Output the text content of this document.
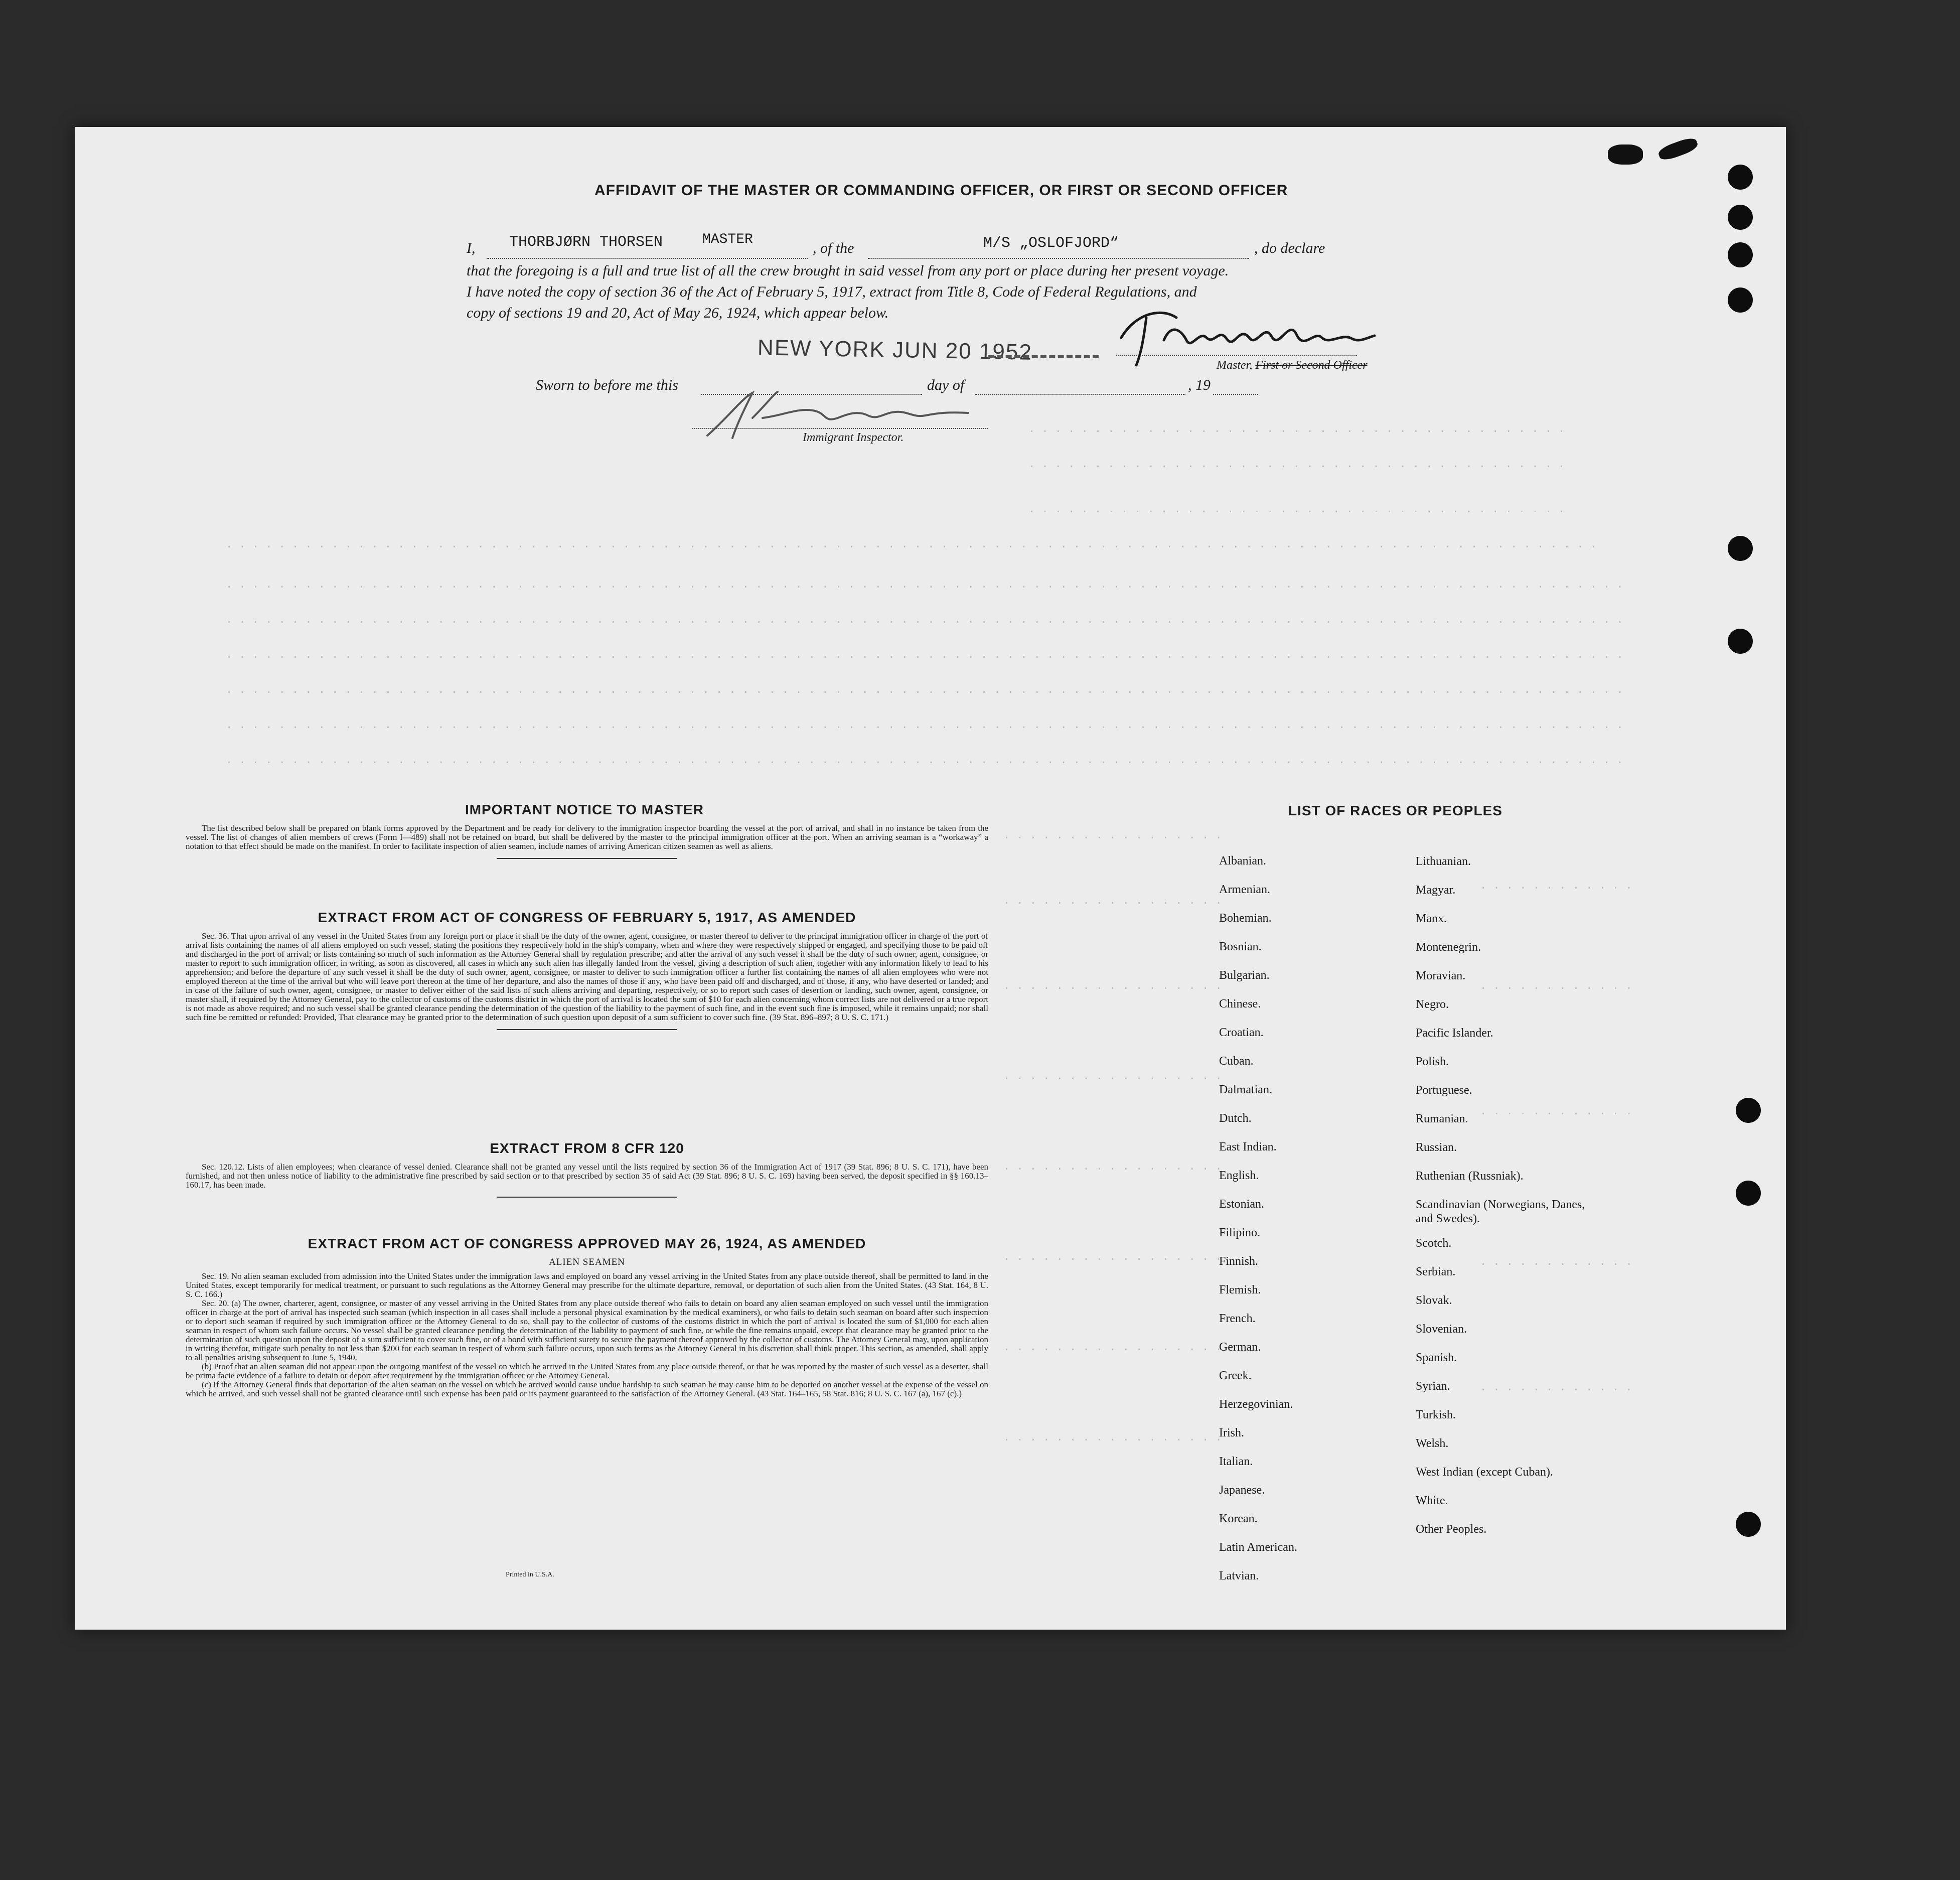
. . . . . . . . . . . . . . . . . . . . . . . . . . . . . . . . . . . . . . . . .
. . . . . . . . . . . . . . . . . . . . . . . . . . . . . . . . . . . . . . . . .
. . . . . . . . . . . . . . . . . . . . . . . . . . . . . . . . . . . . . . . . .
. . . . . . . . . . . . . . . . . . . . . . . . . . . . . . . . . . . . . . . . . . . . . . . . . . . . . . . . . . . . . . . . . . . . . . . . . . . . . . . . . . . . . . . . . . . . . . . . . . . . . . . .
. . . . . . . . . . . . . . . . . . . . . . . . . . . . . . . . . . . . . . . . . . . . . . . . . . . . . . . . . . . . . . . . . . . . . . . . . . . . . . . . . . . . . . . . . . . . . . . . . . . . . . . . . .
. . . . . . . . . . . . . . . . . . . . . . . . . . . . . . . . . . . . . . . . . . . . . . . . . . . . . . . . . . . . . . . . . . . . . . . . . . . . . . . . . . . . . . . . . . . . . . . . . . . . . . . . . .
. . . . . . . . . . . . . . . . . . . . . . . . . . . . . . . . . . . . . . . . . . . . . . . . . . . . . . . . . . . . . . . . . . . . . . . . . . . . . . . . . . . . . . . . . . . . . . . . . . . . . . . . . .
. . . . . . . . . . . . . . . . . . . . . . . . . . . . . . . . . . . . . . . . . . . . . . . . . . . . . . . . . . . . . . . . . . . . . . . . . . . . . . . . . . . . . . . . . . . . . . . . . . . . . . . . . .
. . . . . . . . . . . . . . . . . . . . . . . . . . . . . . . . . . . . . . . . . . . . . . . . . . . . . . . . . . . . . . . . . . . . . . . . . . . . . . . . . . . . . . . . . . . . . . . . . . . . . . . . . .
. . . . . . . . . . . . . . . . . . . . . . . . . . . . . . . . . . . . . . . . . . . . . . . . . . . . . . . . . . . . . . . . . . . . . . . . . . . . . . . . . . . . . . . . . . . . . . . . . . . . . . . . . .
. . . . . . . . . . . . . . . . .
. . . . . . . . . . . . . . . . .
. . . . . . . . . . . . . . . . .
. . . . . . . . . . . . . . . . .
. . . . . . . . . . . . . . . . .
. . . . . . . . . . . . . . . . .
. . . . . . . . . . . . . . . . .
. . . . . . . . . . . . . . . . .
. . . . . . . . . . . .
. . . . . . . . . . . .
. . . . . . . . . . . .
. . . . . . . . . . . .
. . . . . . . . . . . .
AFFIDAVIT OF THE MASTER OR COMMANDING OFFICER, OR FIRST OR SECOND OFFICER
I, THORBJØRN THORSEN	MASTER
, of the	M/S „OSLOFJORD“	, do declare
that the foregoing is a full and true list of all the crew brought in said vessel from any port or place during her present voyage.
I have noted the copy of section 36 of the Act of February 5, 1917, extract from Title 8, Code of Federal Regulations, and
copy of sections 19 and 20, Act of May 26, 1924, which appear below.
NEW YORK JUN 20 1952
Master, First or Second Officer
Sworn to before me this	day of	, 19
Immigrant Inspector.
IMPORTANT NOTICE TO MASTER

The list described below shall be prepared on blank forms approved by the Department and be ready for delivery to the immigration inspector boarding the vessel at the port of arrival, and shall in no instance be taken from the vessel. The list of changes of alien members of crews (Form I—489) shall not be retained on board, but shall be delivered by the master to the principal immigration officer at the port. When an arriving seaman is a “workaway” a notation to that effect should be made on the manifest. In order to facilitate inspection of alien seamen, include names of arriving American citizen seamen as well as aliens.

EXTRACT FROM ACT OF CONGRESS OF FEBRUARY 5, 1917, AS AMENDED

Sec. 36. That upon arrival of any vessel in the United States from any foreign port or place it shall be the duty of the owner, agent, consignee, or master thereof to deliver to the principal immigration officer in charge of the port of arrival lists containing the names of all aliens employed on such vessel, stating the positions they respectively hold in the ship's company, when and where they were respectively shipped or engaged, and specifying those to be paid off and discharged in the port of arrival; or lists containing so much of such information as the Attorney General shall by regulation prescribe; and after the arrival of any such vessel it shall be the duty of such owner, agent, consignee, or master to report to such immigration officer, in writing, as soon as discovered, all cases in which any such alien has illegally landed from the vessel, giving a description of such alien, together with any information likely to lead to his apprehension; and before the departure of any such vessel it shall be the duty of such owner, agent, consignee, or master to deliver to such immigration officer a further list containing the names of all alien employees who were not employed thereon at the time of the arrival but who will leave port thereon at the time of her departure, and also the names of those if any, who have been paid off and discharged, and of those, if any, who have deserted or landed; and in case of the failure of such owner, agent, consignee, or master to deliver either of the said lists of such aliens arriving and departing, respectively, or so to report such cases of desertion or landing, such owner, agent, consignee, or master shall, if required by the Attorney General, pay to the collector of customs of the customs district in which the port of arrival is located the sum of $10 for each alien concerning whom correct lists are not delivered or a true report is not made as above required; and no such vessel shall be granted clearance pending the determination of the question of the liability to the payment of such fine, and in the event such fine is imposed, while it remains unpaid; nor shall such fine be remitted or refunded: Provided, That clearance may be granted prior to the determination of such question upon deposit of a sum sufficient to cover such fine. (39 Stat. 896–897; 8 U. S. C. 171.)

EXTRACT FROM 8 CFR 120

Sec. 120.12. Lists of alien employees; when clearance of vessel denied. Clearance shall not be granted any vessel until the lists required by section 36 of the Immigration Act of 1917 (39 Stat. 896; 8 U. S. C. 171), have been furnished, and not then unless notice of liability to the administrative fine prescribed by said section or to that prescribed by section 35 of said Act (39 Stat. 896; 8 U. S. C. 169) having been served, the deposit specified in §§ 160.13–160.17, has been made.

EXTRACT FROM ACT OF CONGRESS APPROVED MAY 26, 1924, AS AMENDED
ALIEN SEAMEN

Sec. 19. No alien seaman excluded from admission into the United States under the immigration laws and employed on board any vessel arriving in the United States from any place outside thereof, shall be permitted to land in the United States, except temporarily for medical treatment, or pursuant to such regulations as the Attorney General may prescribe for the ultimate departure, removal, or deportation of such alien from the United States. (43 Stat. 164, 8 U. S. C. 166.)

Sec. 20. (a) The owner, charterer, agent, consignee, or master of any vessel arriving in the United States from any place outside thereof who fails to detain on board any alien seaman employed on such vessel until the immigration officer in charge at the port of arrival has inspected such seaman (which inspection in all cases shall include a personal physical examination by the medical examiners), or who fails to detain such seaman on board after such inspection or to deport such seaman if required by such immigration officer or the Attorney General to do so, shall pay to the collector of customs of the customs district in which the port of arrival is located the sum of $1,000 for each alien seaman in respect of whom such failure occurs. No vessel shall be granted clearance pending the determination of the liability to payment of such fine, or while the fine remains unpaid, except that clearance may be granted prior to the determination of such question upon the deposit of a sum sufficient to cover such fine, or of a bond with sufficient surety to secure the payment thereof approved by the collector of customs. The Attorney General may, upon application in writing therefor, mitigate such penalty to not less than $200 for each seaman in respect of whom such failure occurs, upon such terms as the Attorney General in his discretion shall think proper. This section, as amended, shall apply to all penalties arising subsequent to June 5, 1940.

(b) Proof that an alien seaman did not appear upon the outgoing manifest of the vessel on which he arrived in the United States from any place outside thereof, or that he was reported by the master of such vessel as a deserter, shall be prima facie evidence of a failure to detain or deport after requirement by the immigration officer or the Attorney General.

(c) If the Attorney General finds that deportation of the alien seaman on the vessel on which he arrived would cause undue hardship to such seaman he may cause him to be deported on another vessel at the expense of the vessel on which he arrived, and such vessel shall not be granted clearance until such expense has been paid or its payment guaranteed to the satisfaction of the Attorney General. (43 Stat. 164–165, 58 Stat. 816; 8 U. S. C. 167 (a), 167 (c).)

Printed in U.S.A.
LIST OF RACES OR PEOPLES
Albanian.
Armenian.
Bohemian.
Bosnian.
Bulgarian.
Chinese.
Croatian.
Cuban.
Dalmatian.
Dutch.
East Indian.
English.
Estonian.
Filipino.
Finnish.
Flemish.
French.
German.
Greek.
Herzegovinian.
Irish.
Italian.
Japanese.
Korean.
Latin American.
Latvian.
Lithuanian.
Magyar.
Manx.
Montenegrin.
Moravian.
Negro.
Pacific Islander.
Polish.
Portuguese.
Rumanian.
Russian.
Ruthenian (Russniak).
Scandinavian (Norwegians, Danes, and Swedes).
Scotch.
Serbian.
Slovak.
Slovenian.
Spanish.
Syrian.
Turkish.
Welsh.
West Indian (except Cuban).
White.
Other Peoples.
